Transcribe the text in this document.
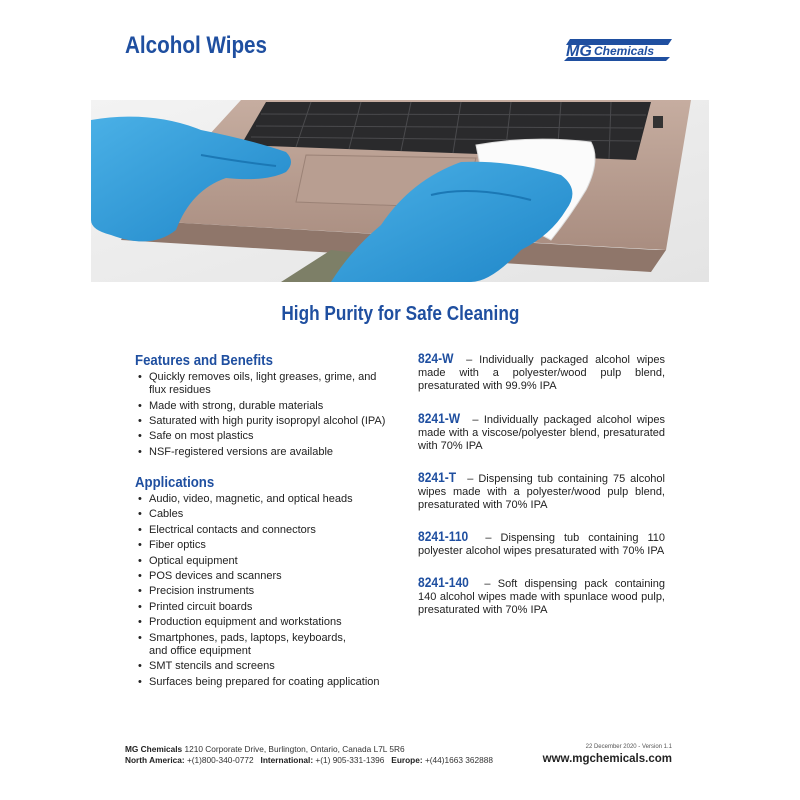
Alcohol Wipes	MG Chemicals
High Purity for Safe Cleaning
Features and Benefits
• Quickly removes oils, light greases, grime, and flux residues
• Made with strong, durable materials
• Saturated with high purity isopropyl alcohol (IPA)
• Safe on most plastics
• NSF-registered versions are available
Applications
• Audio, video, magnetic, and optical heads
• Cables
• Electrical contacts and connectors
• Fiber optics
• Optical equipment
• POS devices and scanners
• Precision instruments
• Printed circuit boards
• Production equipment and workstations
• Smartphones, pads, laptops, keyboards, and office equipment
• SMT stencils and screens
• Surfaces being prepared for coating application
824-W – Individually packaged alcohol wipes made with a polyester/wood pulp blend, presaturated with 99.9% IPA
8241-W – Individually packaged alcohol wipes made with a viscose/polyester blend, presaturated with 70% IPA
8241-T – Dispensing tub containing 75 alcohol wipes made with a polyester/wood pulp blend, presaturated with 70% IPA
8241-110 – Dispensing tub containing 110 polyester alcohol wipes presaturated with 70% IPA
8241-140 – Soft dispensing pack containing 140 alcohol wipes made with spunlace wood pulp, presaturated with 70% IPA
MG Chemicals 1210 Corporate Drive, Burlington, Ontario, Canada L7L 5R6
North America: +(1)800-340-0772 International: +(1) 905-331-1396 Europe: +(44)1663 362888
22 December 2020 - Version 1.1
www.mgchemicals.com
